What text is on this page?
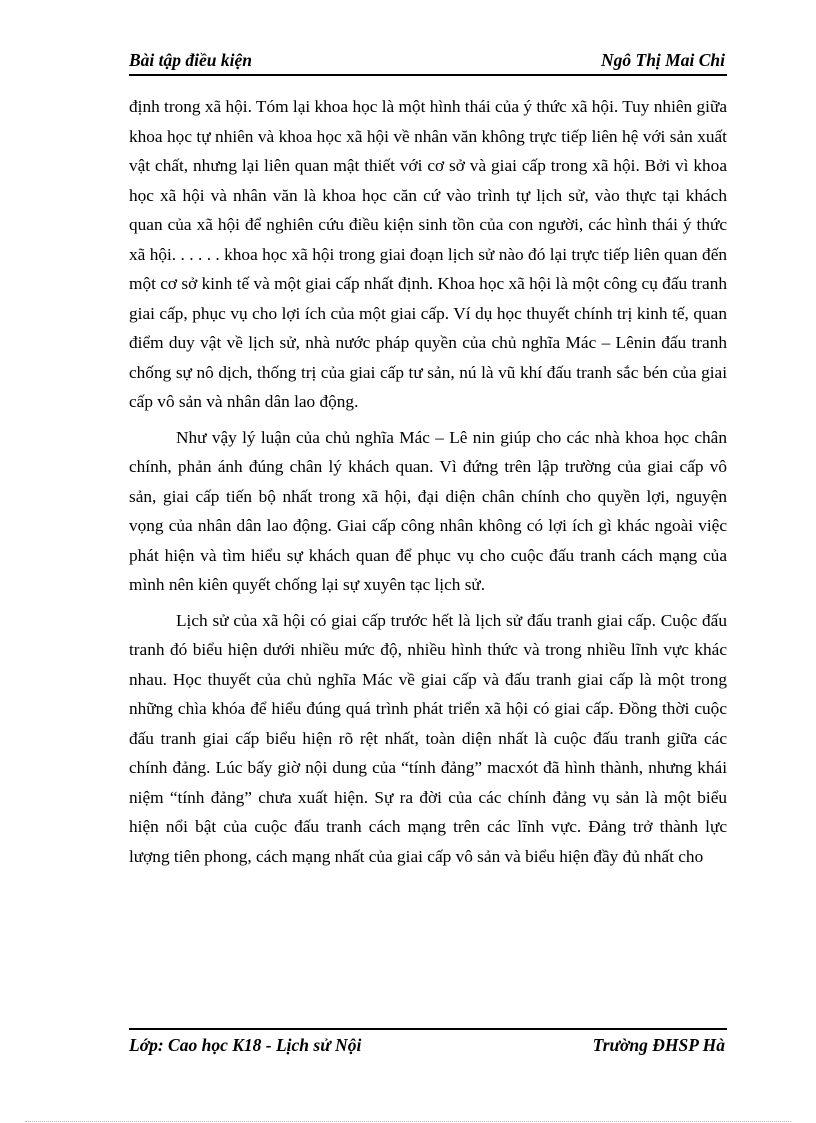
Bài tập điều kiện	Ngô Thị Mai Chi

định trong xã hội. Tóm lại khoa học là một hình thái của ý thức xã hội. Tuy nhiên giữa khoa học tự nhiên và khoa học xã hội về nhân văn không trực tiếp liên hệ với sản xuất vật chất, nhưng lại liên quan mật thiết với cơ sở và giai cấp trong xã hội. Bởi vì khoa học xã hội và nhân văn là khoa học căn cứ vào trình tự lịch sử, vào thực tại khách quan của xã hội để nghiên cứu điều kiện sinh tồn của con người, các hình thái ý thức xã hội. . . . . . khoa học xã hội trong giai đoạn lịch sử nào đó lại trực tiếp liên quan đến một cơ sở kinh tế và một giai cấp nhất định. Khoa học xã hội là một công cụ đấu tranh giai cấp, phục vụ cho lợi ích của một giai cấp. Ví dụ học thuyết chính trị kinh tế, quan điểm duy vật về lịch sử, nhà nước pháp quyền của chủ nghĩa Mác – Lênin đấu tranh chống sự nô dịch, thống trị của giai cấp tư sản, nú là vũ khí đấu tranh sắc bén của giai cấp vô sản và nhân dân lao động.

Như vậy lý luận của chủ nghĩa Mác – Lê nin giúp cho các nhà khoa học chân chính, phản ánh đúng chân lý khách quan. Vì đứng trên lập trường của giai cấp vô sản, giai cấp tiến bộ nhất trong xã hội, đại diện chân chính cho quyền lợi, nguyện vọng của nhân dân lao động. Giai cấp công nhân không có lợi ích gì khác ngoài việc phát hiện và tìm hiểu sự khách quan để phục vụ cho cuộc đấu tranh cách mạng của mình nên kiên quyết chống lại sự xuyên tạc lịch sử.

Lịch sử của xã hội có giai cấp trước hết là lịch sử đấu tranh giai cấp. Cuộc đấu tranh đó biểu hiện dưới nhiều mức độ, nhiều hình thức và trong nhiều lĩnh vực khác nhau. Học thuyết của chủ nghĩa Mác về giai cấp và đấu tranh giai cấp là một trong những chìa khóa để hiểu đúng quá trình phát triển xã hội có giai cấp. Đồng thời cuộc đấu tranh giai cấp biểu hiện rõ rệt nhất, toàn diện nhất là cuộc đấu tranh giữa các chính đảng. Lúc bấy giờ nội dung của “tính đảng” macxót đã hình thành, nhưng khái niệm “tính đảng” chưa xuất hiện. Sự ra đời của các chính đảng vụ sản là một biểu hiện nổi bật của cuộc đấu tranh cách mạng trên các lĩnh vực. Đảng trở thành lực lượng tiên phong, cách mạng nhất của giai cấp vô sản và biểu hiện đầy đủ nhất cho

Lớp: Cao học K18 - Lịch sử Nội	Trường ĐHSP Hà
